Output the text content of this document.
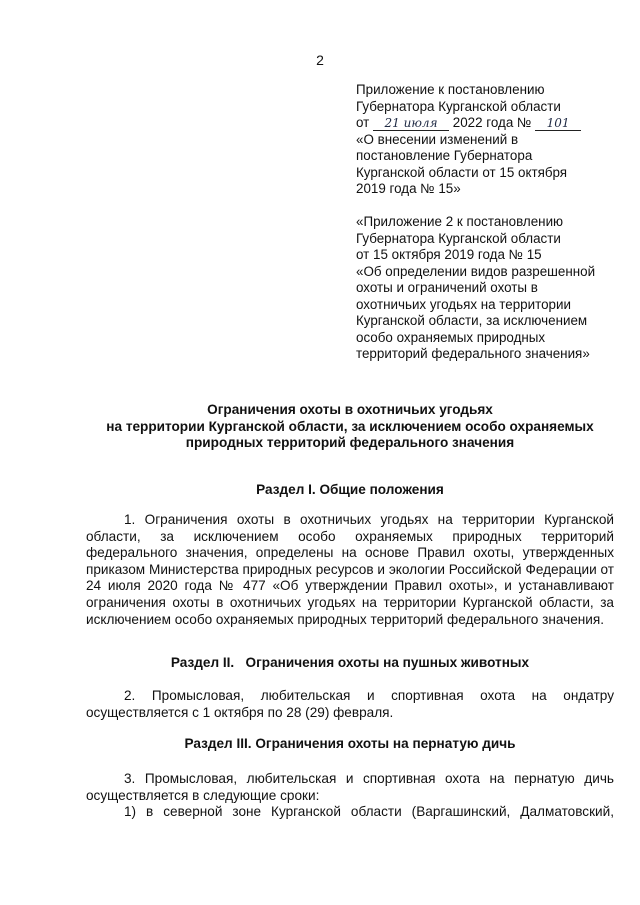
2
Приложение к постановлению
Губернатора Курганской области
от 21 июля 2022 года № 101
«О внесении изменений в
постановление Губернатора
Курганской области от 15 октября
2019 года № 15»
«Приложение 2 к постановлению
Губернатора Курганской области
от 15 октября 2019 года № 15
«Об определении видов разрешенной
охоты и ограничений охоты в
охотничьих угодьях на территории
Курганской области, за исключением
особо охраняемых природных
территорий федерального значения»
Ограничения охоты в охотничьих угодьях
на территории Курганской области, за исключением особо охраняемых
природных территорий федерального значения
Раздел I. Общие положения
1. Ограничения охоты в охотничьих угодьях на территории Курганской области, за исключением особо охраняемых природных территорий федерального значения, определены на основе Правил охоты, утвержденных приказом Министерства природных ресурсов и экологии Российской Федерации от 24 июля 2020 года № 477 «Об утверждении Правил охоты», и устанавливают ограничения охоты в охотничьих угодьях на территории Курганской области, за исключением особо охраняемых природных территорий федерального значения.
Раздел II.   Ограничения охоты на пушных животных
2. Промысловая, любительская и спортивная охота на ондатру осуществляется с 1 октября по 28 (29) февраля.
Раздел III. Ограничения охоты на пернатую дичь
3. Промысловая, любительская и спортивная охота на пернатую дичь осуществляется в следующие сроки:
1) в северной зоне Курганской области (Варгашинский, Далматовский,
